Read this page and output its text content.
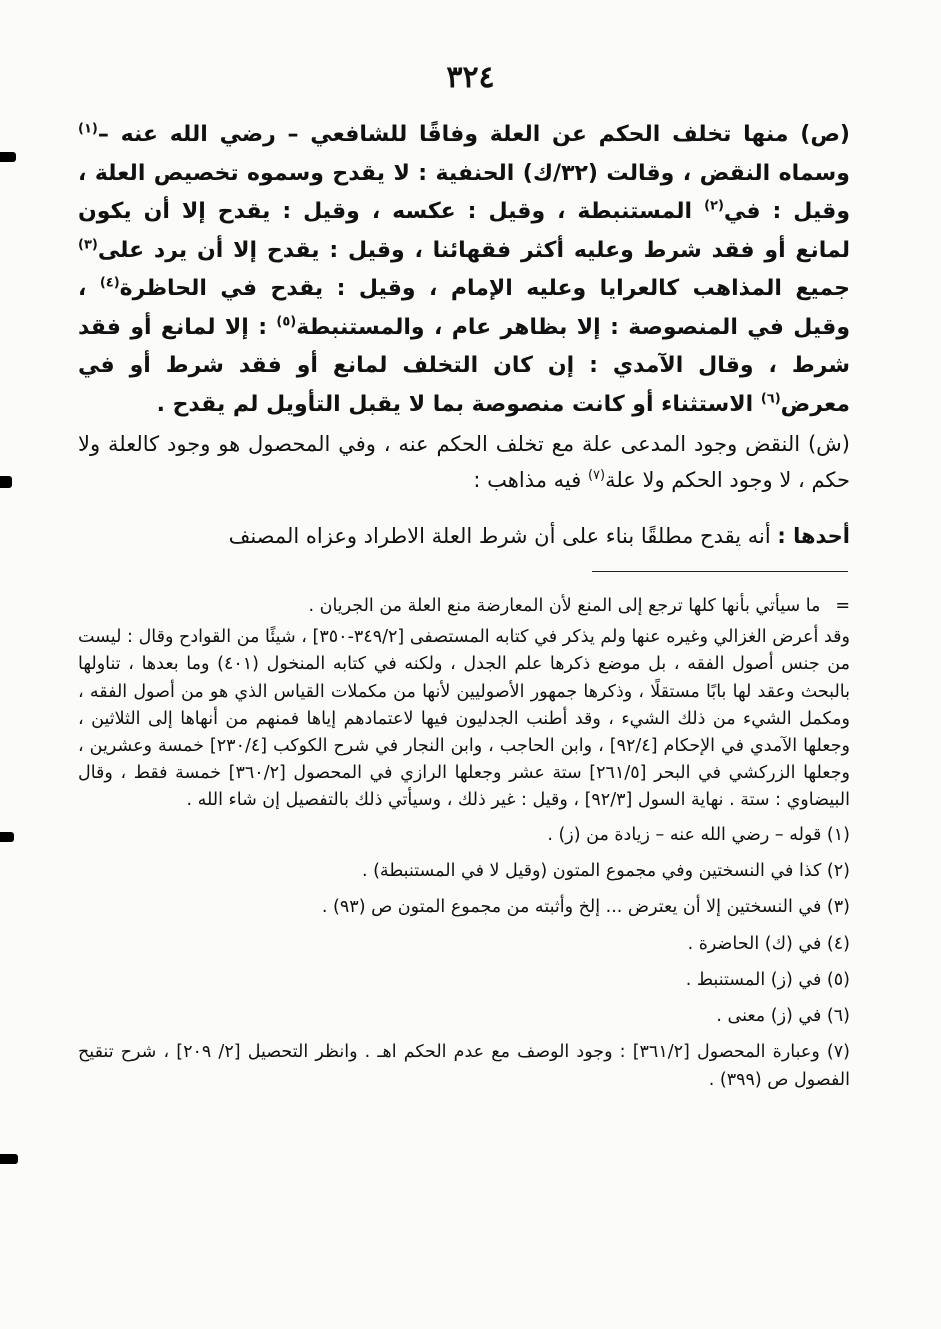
٣٢٤

(ص) منها تخلف الحكم عن العلة وفاقًا للشافعي – رضي الله عنه –$^{(١)}$ وسماه النقض ، وقالت (٣٢/ك) الحنفية : لا يقدح وسموه تخصيص العلة ، وقيل : في$^{(٢)}$ المستنبطة ، وقيل : عكسه ، وقيل : يقدح إلا أن يكون لمانع أو فقد شرط وعليه أكثر فقهائنا ، وقيل : يقدح إلا أن يرد على$^{(٣)}$ جميع المذاهب كالعرايا وعليه الإمام ، وقيل : يقدح في الحاظرة$^{(٤)}$ ، وقيل في المنصوصة : إلا بظاهر عام ، والمستنبطة$^{(٥)}$ : إلا لمانع أو فقد شرط ، وقال الآمدي : إن كان التخلف لمانع أو فقد شرط أو في معرض$^{(٦)}$ الاستثناء أو كانت منصوصة بما لا يقبل التأويل لم يقدح .

(ش) النقض وجود المدعى علة مع تخلف الحكم عنه ، وفي المحصول هو وجود كالعلة ولا حكم ، لا وجود الحكم ولا علة$^{(٧)}$ فيه مذاهب :

أحدها : أنه يقدح مطلقًا بناء على أن شرط العلة الاطراد وعزاه المصنف

= ما سيأتي بأنها كلها ترجع إلى المنع لأن المعارضة منع العلة من الجريان .
وقد أعرض الغزالي وغيره عنها ولم يذكر في كتابه المستصفى [٣٤٩/٢-٣٥٠] ، شيئًا من القوادح وقال : ليست من جنس أصول الفقه ، بل موضع ذكرها علم الجدل ، ولكنه في كتابه المنخول (٤٠١) وما بعدها ، تناولها بالبحث وعقد لها بابًا مستقلًا ، وذكرها جمهور الأصوليين لأنها من مكملات القياس الذي هو من أصول الفقه ، ومكمل الشيء من ذلك الشيء ، وقد أطنب الجدليون فيها لاعتمادهم إياها فمنهم من أنهاها إلى الثلاثين ، وجعلها الآمدي في الإحكام [٩٢/٤] ، وابن الحاجب ، وابن النجار في شرح الكوكب [٢٣٠/٤] خمسة وعشرين ، وجعلها الزركشي في البحر [٢٦١/٥] ستة عشر وجعلها الرازي في المحصول [٣٦٠/٢] خمسة فقط ، وقال البيضاوي : ستة . نهاية السول [٩٢/٣] ، وقيل : غير ذلك ، وسيأتي ذلك بالتفصيل إن شاء الله .
(١) قوله – رضي الله عنه – زيادة من (ز) .
(٢) كذا في النسختين وفي مجموع المتون (وقيل لا في المستنبطة) .
(٣) في النسختين إلا أن يعترض ... إلخ وأثبته من مجموع المتون ص (٩٣) .
(٤) في (ك) الحاضرة .
(٥) في (ز) المستنبط .
(٦) في (ز) معنى .
(٧) وعبارة المحصول [٣٦١/٢] : وجود الوصف مع عدم الحكم اهـ . وانظر التحصيل [٢/ ٢٠٩] ، شرح تنقيح الفصول ص (٣٩٩) .
